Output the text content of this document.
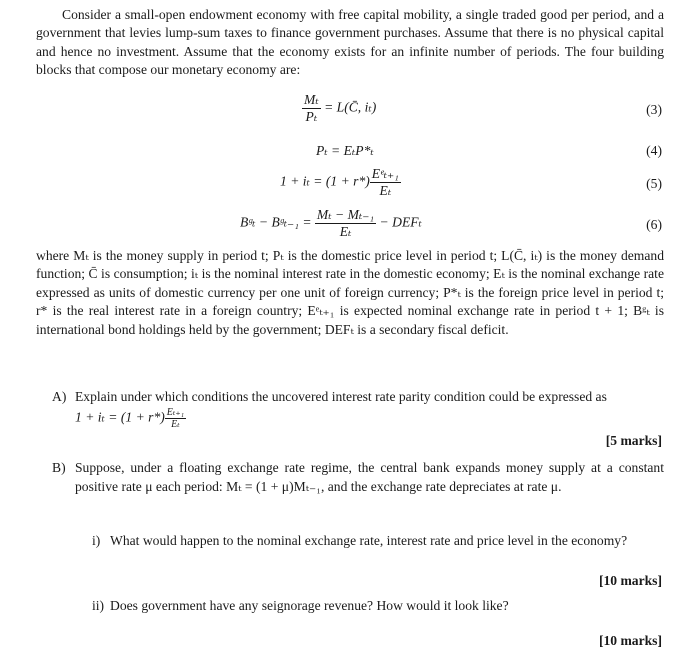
Consider a small-open endowment economy with free capital mobility, a single traded good per period, and a government that levies lump-sum taxes to finance government purchases. Assume that there is no physical capital and hence no investment. Assume that the economy exists for an infinite number of periods. The four building blocks that compose our monetary economy are:

$\frac{\text{Mₜ}}{\text{Pₜ}}$ = L(C̄, iₜ)	(3)
Pₜ = EₜP*ₜ	(4)
$1 + i_t = (1 + r*) \frac{\text{Eᵉₜ₊₁}}{\text{Eₜ}}$	(5)
Bᵍₜ − Bᵍₜ₋₁ = $\frac{\text{Mₜ − Mₜ₋₁}}{\text{Eₜ}} - DEF_t$	(6)

where Mₜ is the money supply in period t; Pₜ is the domestic price level in period t; L(C̄, iₜ) is the money demand function; C̄ is consumption; iₜ is the nominal interest rate in the domestic economy; Eₜ is the nominal exchange rate expressed as units of domestic currency per one unit of foreign currency; P*ₜ is the foreign price level in period t; r* is the real interest rate in a foreign country; Eᵉₜ₊₁ is expected nominal exchange rate in period t + 1; Bᵍₜ is international bond holdings held by the government; DEFₜ is a secondary fiscal deficit.

A) Explain under which conditions the uncovered interest rate parity condition could be expressed as
$1 + i_t = (1 + r*) \frac{\text{Eₜ₊₁}}{\text{Eₜ}}$
[5 marks]
B) Suppose, under a floating exchange rate regime, the central bank expands money supply at a constant positive rate μ each period: Mₜ = (1 + μ)Mₜ₋₁, and the exchange rate depreciates at rate μ.
i) What would happen to the nominal exchange rate, interest rate and price level in the economy?
[10 marks]
ii) Does government have any seignorage revenue? How would it look like?
[10 marks]
